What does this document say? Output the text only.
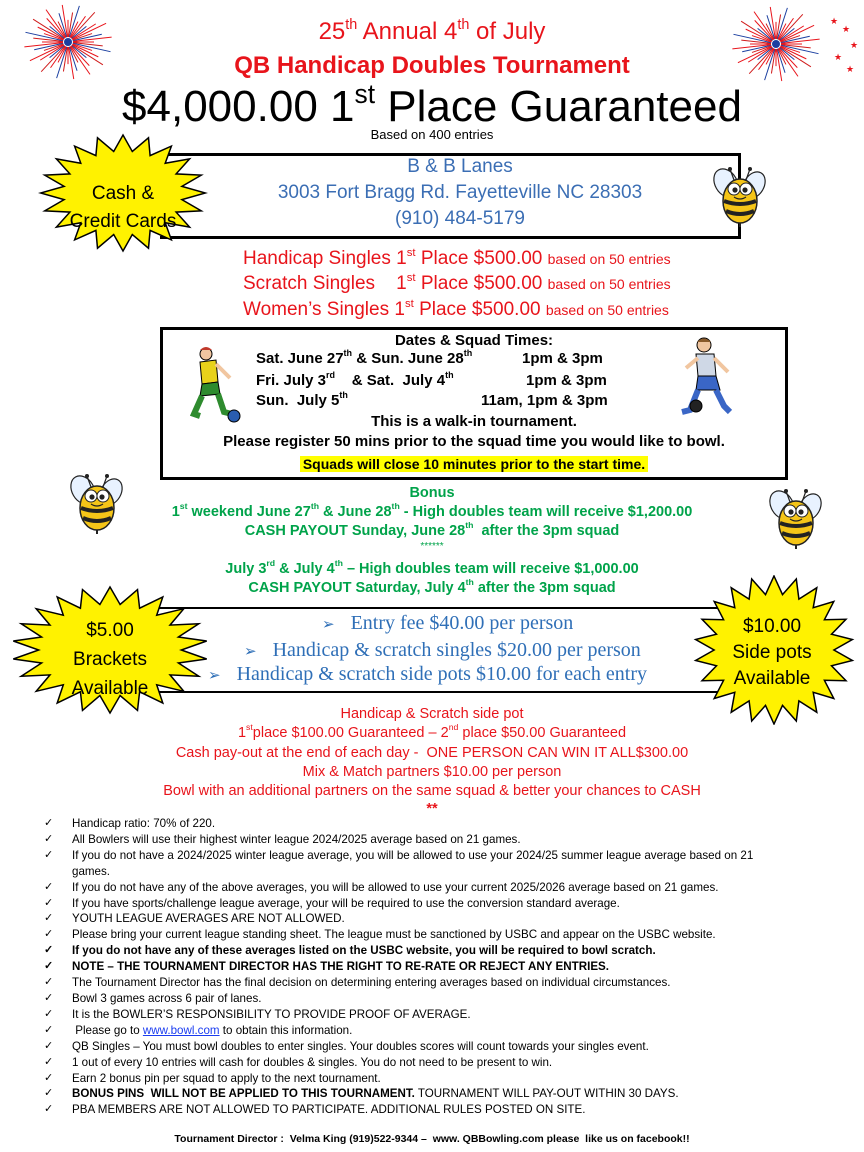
★
★
★
★
★
25th Annual 4th of July
QB Handicap Doubles Tournament
$4,000.00 1st Place Guaranteed
Based on 400 entries
B & B Lanes
3003 Fort Bragg Rd. Fayetteville NC 28303
(910) 484-5179
Cash &
Credit Cards
Handicap Singles 1st Place $500.00 based on 50 entries
Scratch Singles    1st Place $500.00 based on 50 entries
Women’s Singles 1st Place $500.00 based on 50 entries
Dates & Squad Times:
Sat. June 27th & Sun. June 28th	1pm & 3pm
Fri. July 3rd    & Sat.  July 4th	1pm & 3pm
Sun.  July 5th	11am, 1pm & 3pm
This is a walk-in tournament.
Please register 50 mins prior to the squad time you would like to bowl.
Squads will close 10 minutes prior to the start time.
Bonus
1st weekend June 27th & June 28th - High doubles team will receive $1,200.00
CASH PAYOUT Sunday, June 28th  after the 3pm squad
******
July 3rd & July 4th – High doubles team will receive $1,000.00
CASH PAYOUT Saturday, July 4th after the 3pm squad
➢ Entry fee $40.00 per person
➢ Handicap & scratch singles $20.00 per person
➢ Handicap & scratch side pots $10.00 for each entry
$5.00
Brackets
Available
$10.00
Side pots
Available
Handicap & Scratch side pot
1stplace $100.00 Guaranteed – 2nd place $50.00 Guaranteed
Cash pay-out at the end of each day -  ONE PERSON CAN WIN IT ALL$300.00
Mix & Match partners $10.00 per person
Bowl with an additional partners on the same squad & better your chances to CASH
**
✓ Handicap ratio: 70% of 220.
✓ All Bowlers will use their highest winter league 2024/2025 average based on 21 games.
✓ If you do not have a 2024/2025 winter league average, you will be allowed to use your 2024/25 summer league average based on 21 games.
✓ If you do not have any of the above averages, you will be allowed to use your current 2025/2026 average based on 21 games.
✓ If you have sports/challenge league average, your will be required to use the conversion standard average.
✓ YOUTH LEAGUE AVERAGES ARE NOT ALLOWED.
✓ Please bring your current league standing sheet. The league must be sanctioned by USBC and appear on the USBC website.
✓ If you do not have any of these averages listed on the USBC website, you will be required to bowl scratch.
✓ NOTE – THE TOURNAMENT DIRECTOR HAS THE RIGHT TO RE-RATE OR REJECT ANY ENTRIES.
✓ The Tournament Director has the final decision on determining entering averages based on individual circumstances.
✓ Bowl 3 games across 6 pair of lanes.
✓ It is the BOWLER’S RESPONSIBILITY TO PROVIDE PROOF OF AVERAGE.
✓ Please go to www.bowl.com to obtain this information.
✓ QB Singles – You must bowl doubles to enter singles. Your doubles scores will count towards your singles event.
✓ 1 out of every 10 entries will cash for doubles & singles. You do not need to be present to win.
✓ Earn 2 bonus pin per squad to apply to the next tournament.
✓ BONUS PINS  WILL NOT BE APPLIED TO THIS TOURNAMENT. TOURNAMENT WILL PAY-OUT WITHIN 30 DAYS.
✓ PBA MEMBERS ARE NOT ALLOWED TO PARTICIPATE. ADDITIONAL RULES POSTED ON SITE.
Tournament Director :  Velma King (919)522-9344 –  www. QBBowling.com please  like us on facebook!!
